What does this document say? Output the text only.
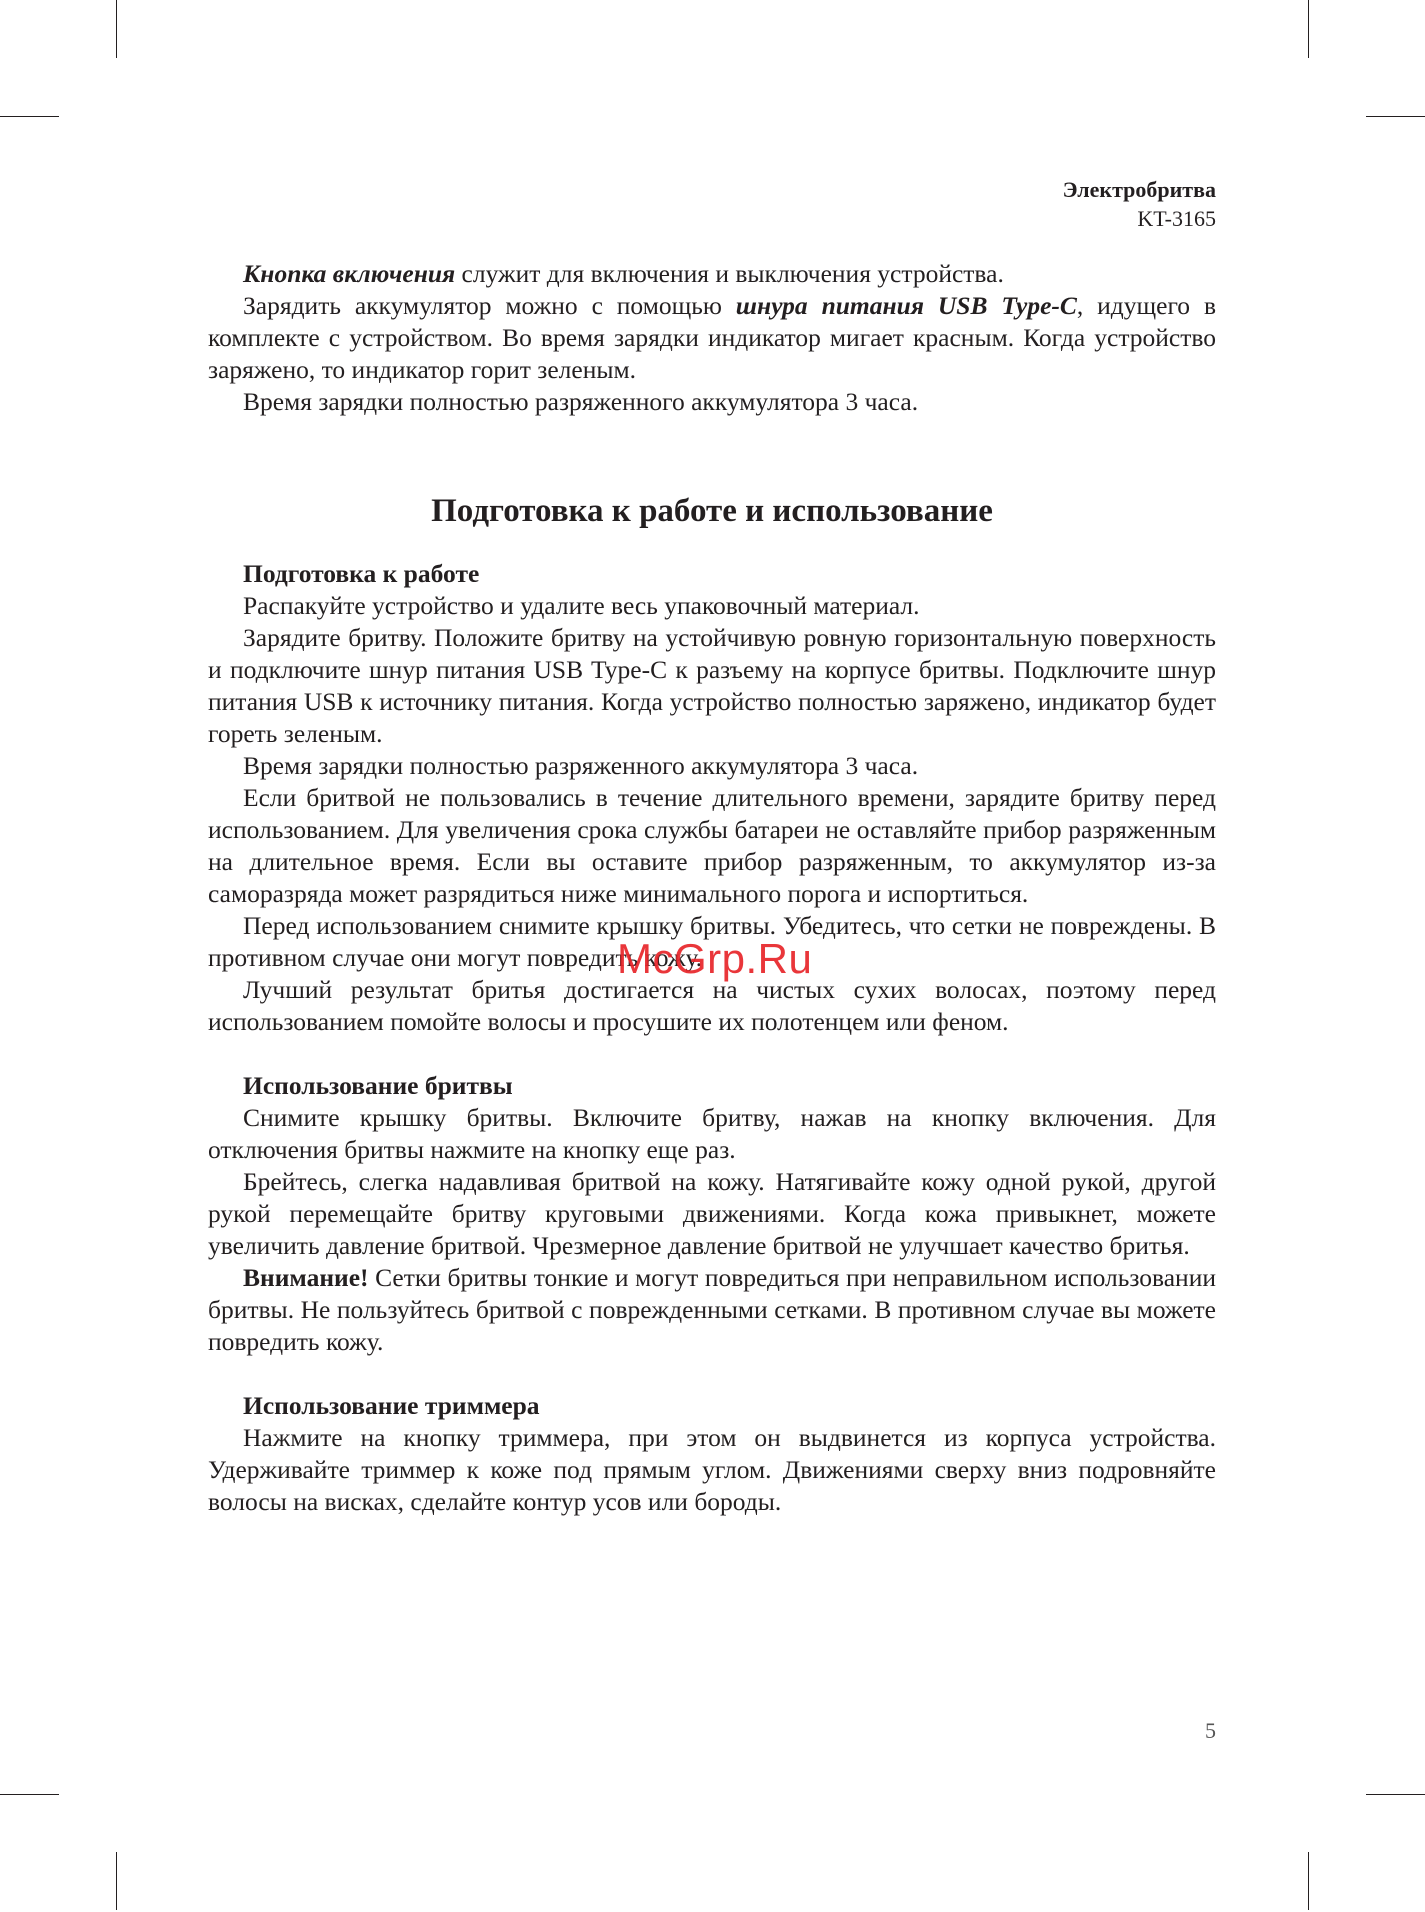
Электробритва
KT-3165

Кнопка включения служит для включения и выключения устройства.

Зарядить аккумулятор можно с помощью шнура питания USB Type-C, идущего в комплекте с устройством. Во время зарядки индикатор мигает красным. Когда устройство заряжено, то индикатор горит зеленым.

Время зарядки полностью разряженного аккумулятора 3 часа.

Подготовка к работе и использование
Подготовка к работе

Распакуйте устройство и удалите весь упаковочный материал.

Зарядите бритву. Положите бритву на устойчивую ровную горизонтальную поверхность и подключите шнур питания USB Type-C к разъему на корпусе бритвы. Подключите шнур питания USB к источнику питания. Когда устройство полностью заряжено, индикатор будет гореть зеленым.

Время зарядки полностью разряженного аккумулятора 3 часа.

Если бритвой не пользовались в течение длительного времени, зарядите бритву перед использованием. Для увеличения срока службы батареи не оставляйте прибор разряженным на длительное время. Если вы оставите прибор разряженным, то аккумулятор из-за саморазряда может разрядиться ниже минимального порога и испортиться.

Перед использованием снимите крышку бритвы. Убедитесь, что сетки не повреждены. В противном случае они могут повредить кожу.

Лучший результат бритья достигается на чистых сухих волосах, поэтому перед использованием помойте волосы и просушите их полотенцем или феном.

Использование бритвы

Снимите крышку бритвы. Включите бритву, нажав на кнопку включения. Для отключения бритвы нажмите на кнопку еще раз.

Брейтесь, слегка надавливая бритвой на кожу. Натягивайте кожу одной рукой, другой рукой перемещайте бритву круговыми движениями. Когда кожа привыкнет, можете увеличить давление бритвой. Чрезмерное давление бритвой не улучшает качество бритья.

Внимание! Сетки бритвы тонкие и могут повредиться при неправильном использовании бритвы. Не пользуйтесь бритвой с поврежденными сетками. В противном случае вы можете повредить кожу.

Использование триммера

Нажмите на кнопку триммера, при этом он выдвинется из корпуса устройства. Удерживайте триммер к коже под прямым углом. Движениями сверху вниз подровняйте волосы на висках, сделайте контур усов или бороды.

McGrp.Ru
5
